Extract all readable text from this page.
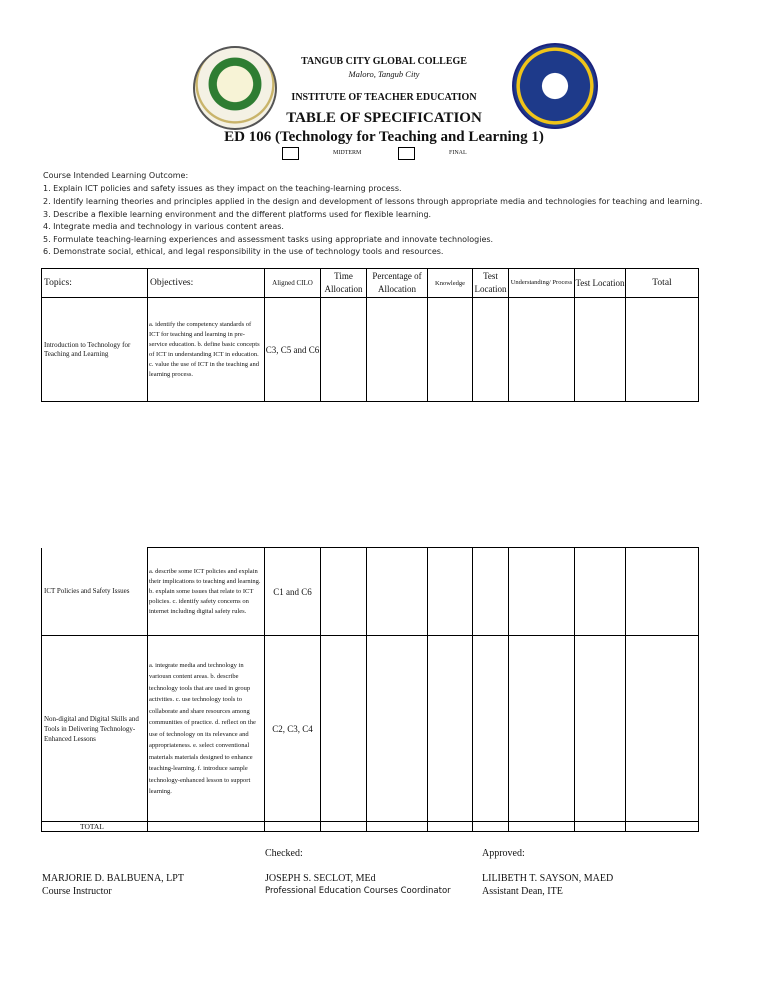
TANGUB CITY GLOBAL COLLEGE
Maloro, Tangub City
INSTITUTE OF TEACHER EDUCATION
TABLE OF SPECIFICATION
ED 106 (Technology for Teaching and Learning 1)
MIDTERM	FINAL
Course Intended Learning Outcome:
1. Explain ICT policies and safety issues as they impact on the teaching-learning process.
2. Identify learning theories and principles applied in the design and development of lessons through appropriate media and technologies for teaching and learning.
3. Describe a flexible learning environment and the different platforms used for flexible learning.
4. Integrate media and technology in various content areas.
5. Formulate teaching-learning experiences and assessment tasks using appropriate and innovate technologies.
6. Demonstrate social, ethical, and legal responsibility in the use of technology tools and resources.
Topics:	Objectives:	Aligned CILO	Time Allocation	Percentage of Allocation	Knowledge	Test Location	Understanding/ Process	Test Location	Total
Introduction to Technology for Teaching and Learning	a. identify the competency standards of ICT for teaching and learning in pre-service education. b. define basic concepts of ICT in understanding ICT in education. c. value the use of ICT in the teaching and learning process.	C3, C5 and C6							
ICT Policies and Safety Issues	a. describe some ICT policies and explain their implications to teaching and learning. b. explain some issues that relate to ICT policies. c. identify safety concerns on internet including digital safety rules.	C1 and C6							
Non-digital and Digital Skills and Tools in Delivering Technology-Enhanced Lessons	a. integrate media and technology in variousn content areas. b. describe technology tools that are used in group activities. c. use technology tools to collaborate and share resources among communities of practice. d. reflect on the use of technology on its relevance and appropriateness. e. select conventional materials materials designed to enhance teaching-learning. f. introduce sample technology-enhanced lesson to support learning.	C2, C3, C4							
TOTAL									
Checked:	Approved:
MARJORIE D. BALBUENA, LPT
Course Instructor
JOSEPH S. SECLOT, MEd
Professional Education Courses Coordinator
LILIBETH T. SAYSON, MAED
Assistant Dean, ITE
